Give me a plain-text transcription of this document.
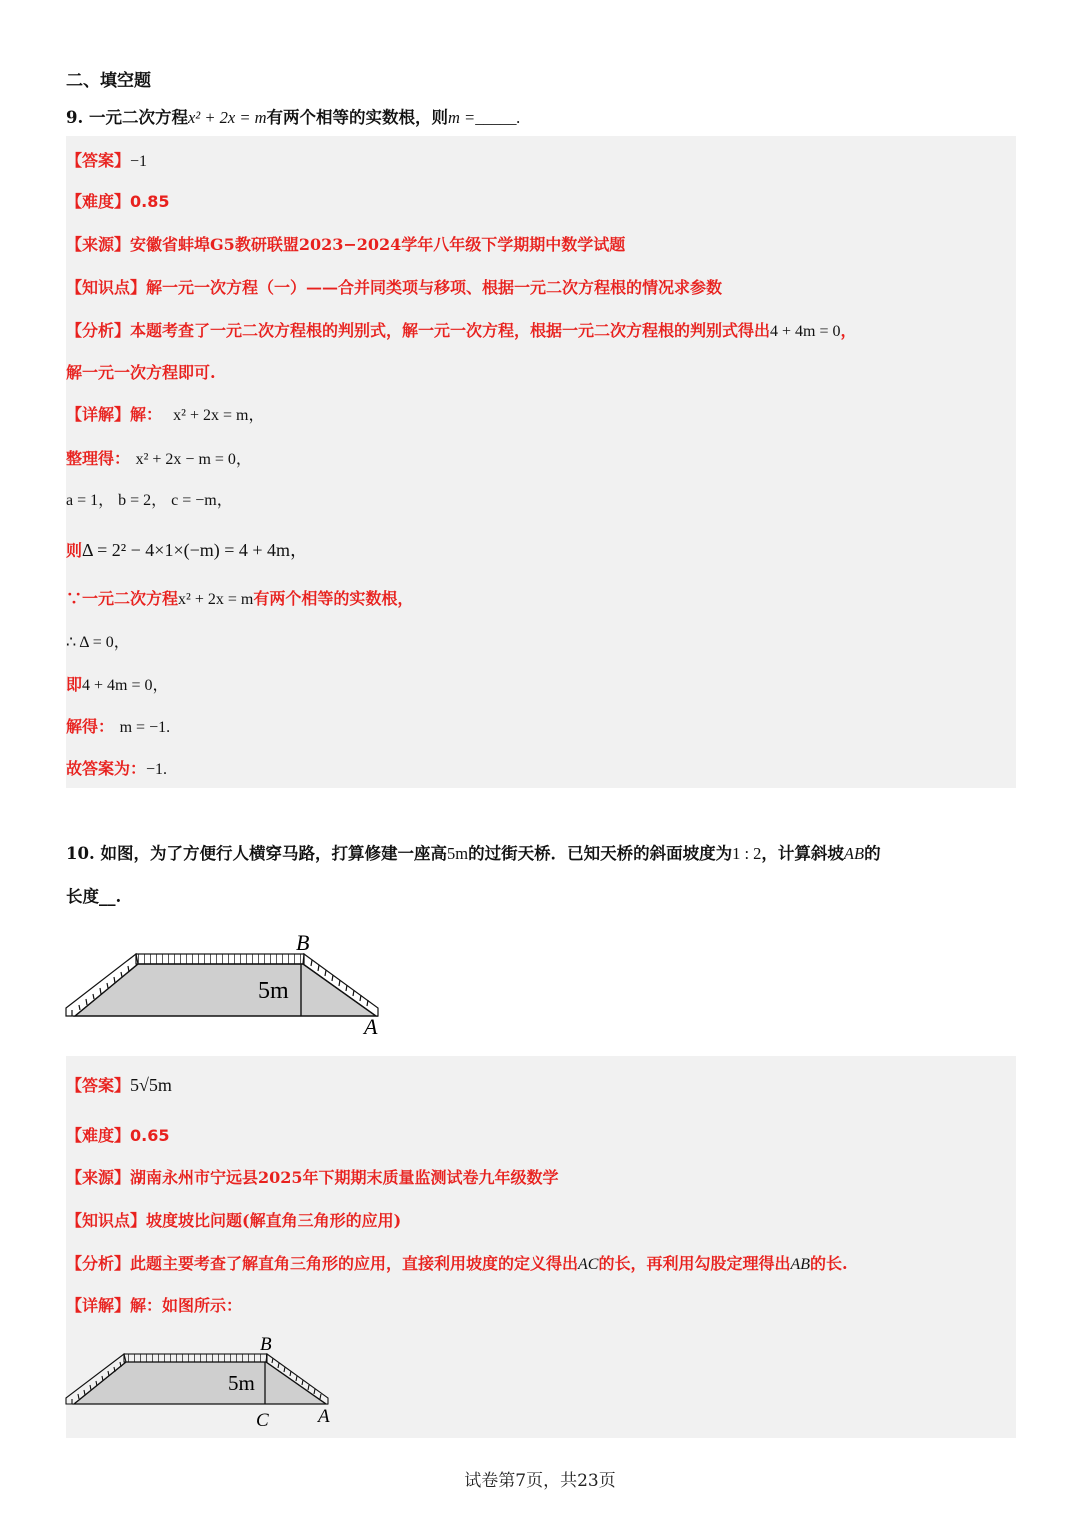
二、填空题
9. 一元二次方程x² + 2x = m有两个相等的实数根，则m =_____.
【答案】−1
【难度】0.85
【来源】安徽省蚌埠G5教研联盟2023−2024学年八年级下学期期中数学试题
【知识点】解一元一次方程（一）——合并同类项与移项、根据一元二次方程根的情况求参数
【分析】本题考查了一元二次方程根的判别式，解一元一次方程，根据一元二次方程根的判别式得出4 + 4m = 0，
解一元一次方程即可.
【详解】解： x² + 2x = m，
整理得： x² + 2x − m = 0，
a = 1， b = 2， c = −m，
则Δ = 2² − 4×1×(−m) = 4 + 4m，
∵一元二次方程x² + 2x = m有两个相等的实数根，
∴ Δ = 0，
即4 + 4m = 0，
解得： m = −1.
故答案为：−1.
10. 如图，为了方便行人横穿马路，打算修建一座高5m的过街天桥．已知天桥的斜面坡度为1 : 2，计算斜坡AB的
长度__.
B
5m
A
【答案】5√5m
【难度】0.65
【来源】湖南永州市宁远县2025年下期期末质量监测试卷九年级数学
【知识点】坡度坡比问题(解直角三角形的应用)
【分析】此题主要考查了解直角三角形的应用，直接利用坡度的定义得出AC的长，再利用勾股定理得出AB的长.
【详解】解：如图所示：
B
5m
C	A
试卷第7页，共23页
